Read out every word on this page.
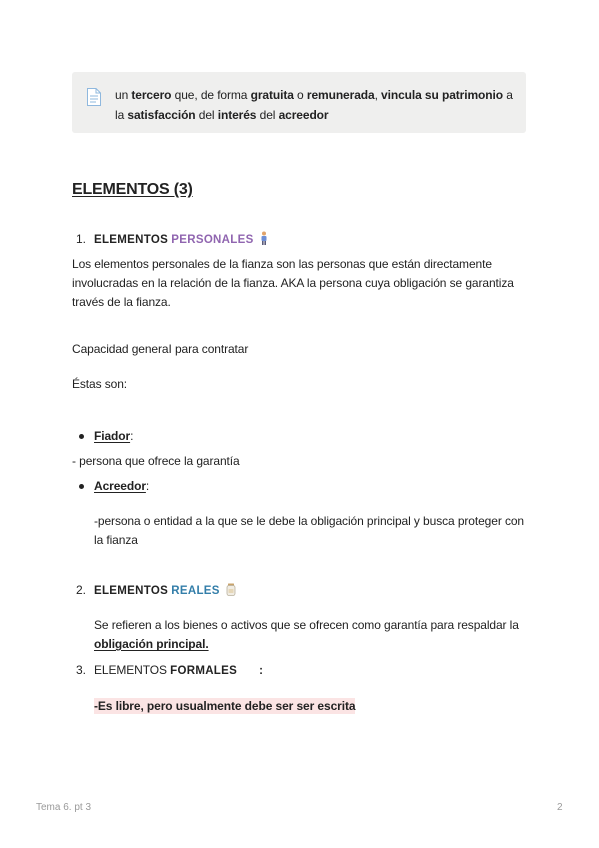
un tercero que, de forma gratuita o remunerada, vincula su patrimonio a la satisfacción del interés del acreedor
ELEMENTOS (3)
1. ELEMENTOS PERSONALES
Los elementos personales de la fianza son las personas que están directamente involucradas en la relación de la fianza. AKA la persona cuya obligación se garantiza través de la fianza.
Capacidad generaI para contratar
Éstas son:
Fiador:
- persona que ofrece la garantía
Acreedor:
-persona o entidad a la que se le debe la obligación principal y busca proteger con la fianza
2. ELEMENTOS REALES
Se refieren a los bienes o activos que se ofrecen como garantía para respaldar la obligación principal.
3. ELEMENTOS FORMALES :
-Es libre, pero usualmente debe ser ser escrita
Tema 6. pt 3	2
